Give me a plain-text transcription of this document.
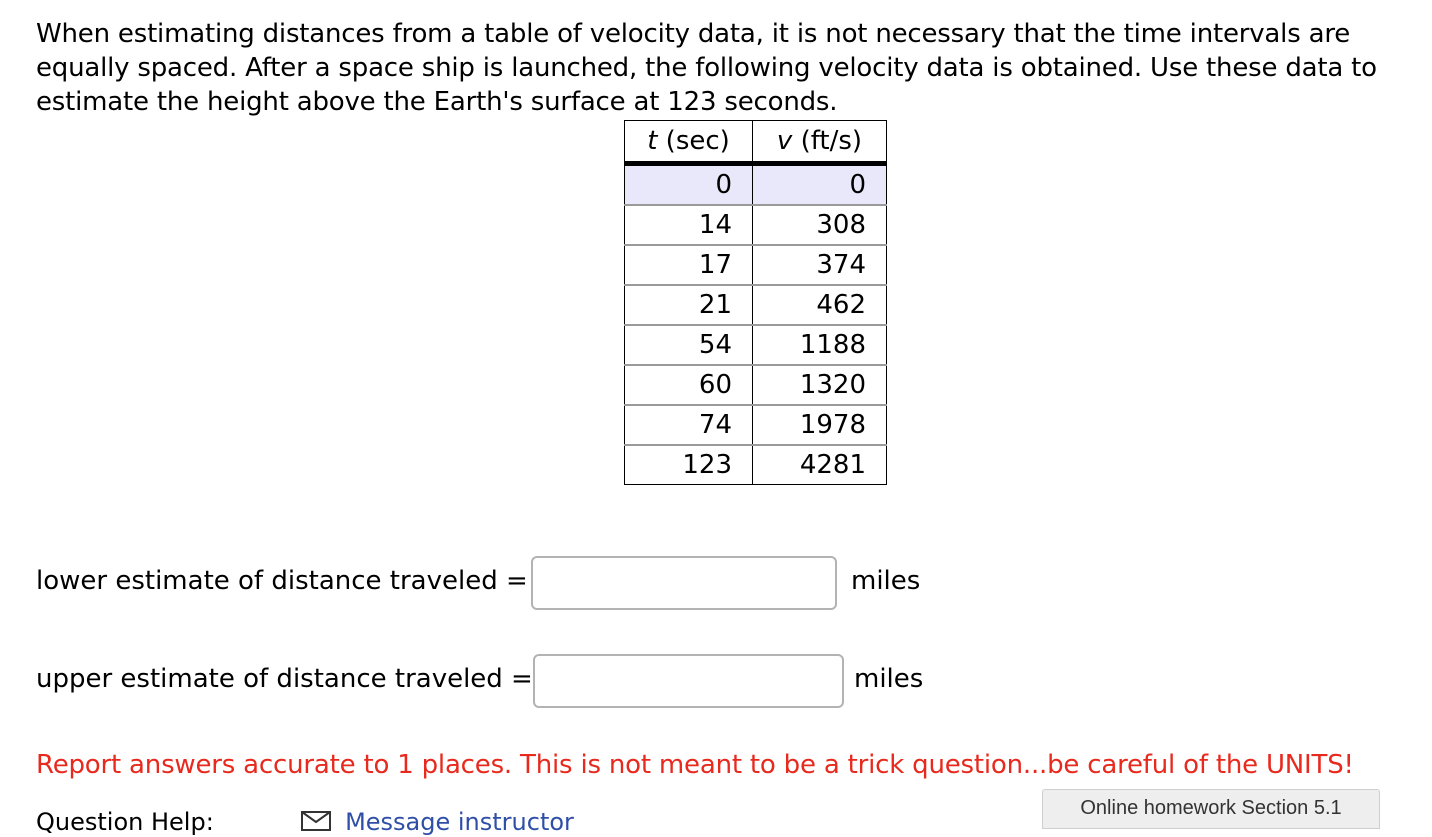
When estimating distances from a table of velocity data, it is not necessary that the time intervals are equally spaced. After a space ship is launched, the following velocity data is obtained. Use these data to estimate the height above the Earth's surface at 123 seconds.
t (sec)	v (ft/s)
0	0
14	308
17	374
21	462
54	1188
60	1320
74	1978
123	4281
lower estimate of distance traveled =	miles
upper estimate of distance traveled =	miles
Report answers accurate to 1 places. This is not meant to be a trick question...be careful of the UNITS!
Question Help:	Message instructor	Online homework Section 5.1
